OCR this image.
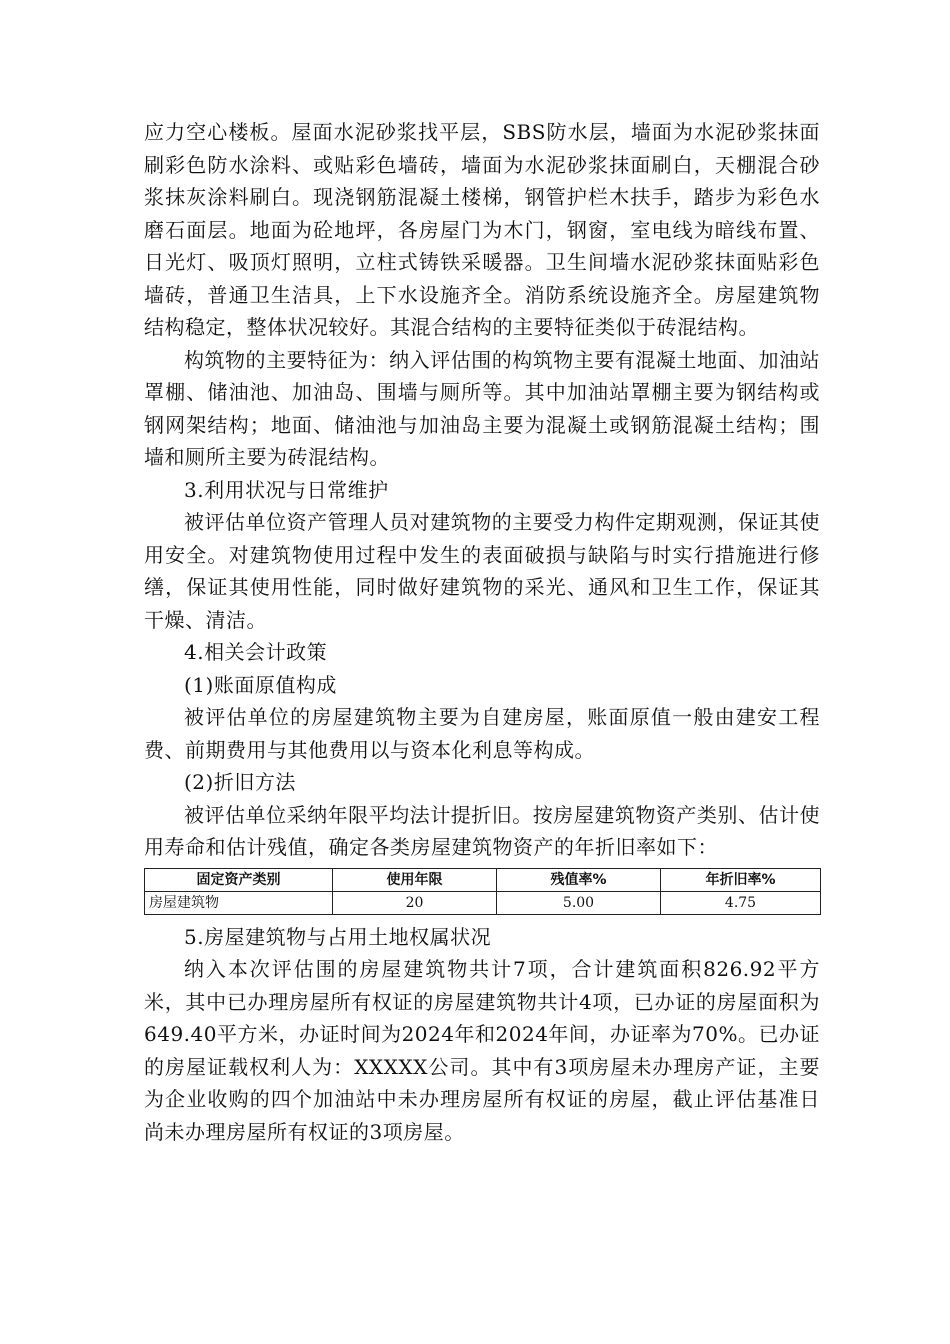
应力空心楼板。屋面水泥砂浆找平层，SBS防水层，墙面为水泥砂浆抹面刷彩色防水涂料、或贴彩色墙砖，墙面为水泥砂浆抹面刷白，天棚混合砂浆抹灰涂料刷白。现浇钢筋混凝土楼梯，钢管护栏木扶手，踏步为彩色水磨石面层。地面为砼地坪，各房屋门为木门，钢窗，室电线为暗线布置、日光灯、吸顶灯照明，立柱式铸铁采暖器。卫生间墙水泥砂浆抹面贴彩色墙砖，普通卫生洁具，上下水设施齐全。消防系统设施齐全。房屋建筑物结构稳定，整体状况较好。其混合结构的主要特征类似于砖混结构。

构筑物的主要特征为：纳入评估围的构筑物主要有混凝土地面、加油站罩棚、储油池、加油岛、围墙与厕所等。其中加油站罩棚主要为钢结构或钢网架结构；地面、储油池与加油岛主要为混凝土或钢筋混凝土结构；围墙和厕所主要为砖混结构。

3.利用状况与日常维护

被评估单位资产管理人员对建筑物的主要受力构件定期观测，保证其使用安全。对建筑物使用过程中发生的表面破损与缺陷与时实行措施进行修缮，保证其使用性能，同时做好建筑物的采光、通风和卫生工作，保证其干燥、清洁。

4.相关会计政策

(1)账面原值构成

被评估单位的房屋建筑物主要为自建房屋，账面原值一般由建安工程费、前期费用与其他费用以与资本化利息等构成。

(2)折旧方法

被评估单位采纳年限平均法计提折旧。按房屋建筑物资产类别、估计使用寿命和估计残值，确定各类房屋建筑物资产的年折旧率如下：

固定资产类别	使用年限	残值率%	年折旧率%
房屋建筑物	20	5.00	4.75

5.房屋建筑物与占用土地权属状况

纳入本次评估围的房屋建筑物共计7项，合计建筑面积826.92平方米，其中已办理房屋所有权证的房屋建筑物共计4项，已办证的房屋面积为649.40平方米，办证时间为2024年和2024年间，办证率为70%。已办证的房屋证载权利人为：XXXXX公司。其中有3项房屋未办理房产证，主要为企业收购的四个加油站中未办理房屋所有权证的房屋，截止评估基准日尚未办理房屋所有权证的3项房屋。
